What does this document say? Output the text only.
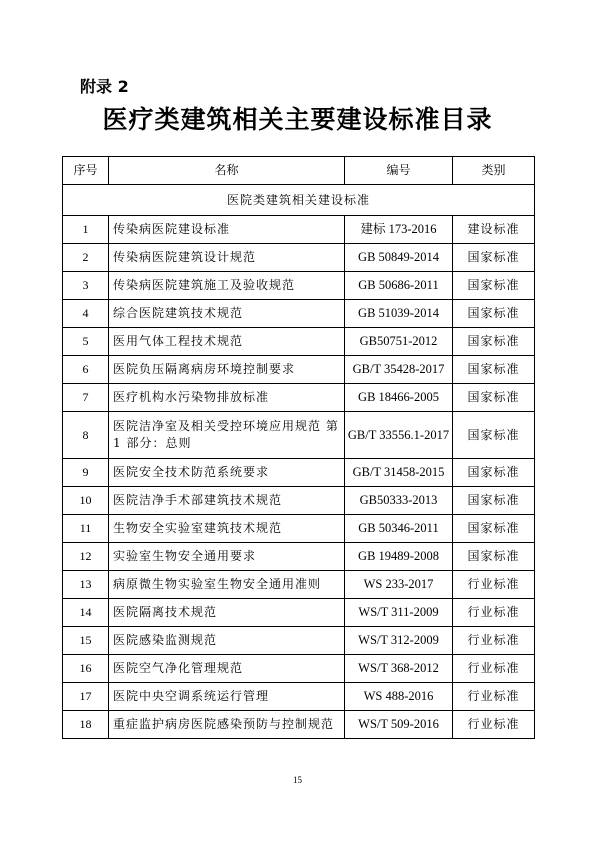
附录 2
医疗类建筑相关主要建设标准目录
序号	名称	编号	类别
医院类建筑相关建设标准			
1	传染病医院建设标准	建标 173-2016	建设标准
2	传染病医院建筑设计规范	GB 50849-2014	国家标准
3	传染病医院建筑施工及验收规范	GB 50686-2011	国家标准
4	综合医院建筑技术规范	GB 51039-2014	国家标准
5	医用气体工程技术规范	GB50751-2012	国家标准
6	医院负压隔离病房环境控制要求	GB/T 35428-2017	国家标准
7	医疗机构水污染物排放标准	GB 18466-2005	国家标准
8	医院洁净室及相关受控环境应用规范 第 1 部分：总则	GB/T 33556.1-2017	国家标准
9	医院安全技术防范系统要求	GB/T 31458-2015	国家标准
10	医院洁净手术部建筑技术规范	GB50333-2013	国家标准
11	生物安全实验室建筑技术规范	GB 50346-2011	国家标准
12	实验室生物安全通用要求	GB 19489-2008	国家标准
13	病原微生物实验室生物安全通用准则	WS 233-2017	行业标准
14	医院隔离技术规范	WS/T 311-2009	行业标准
15	医院感染监测规范	WS/T 312-2009	行业标准
16	医院空气净化管理规范	WS/T 368-2012	行业标准
17	医院中央空调系统运行管理	WS 488-2016	行业标准
18	重症监护病房医院感染预防与控制规范	WS/T 509-2016	行业标准
15
